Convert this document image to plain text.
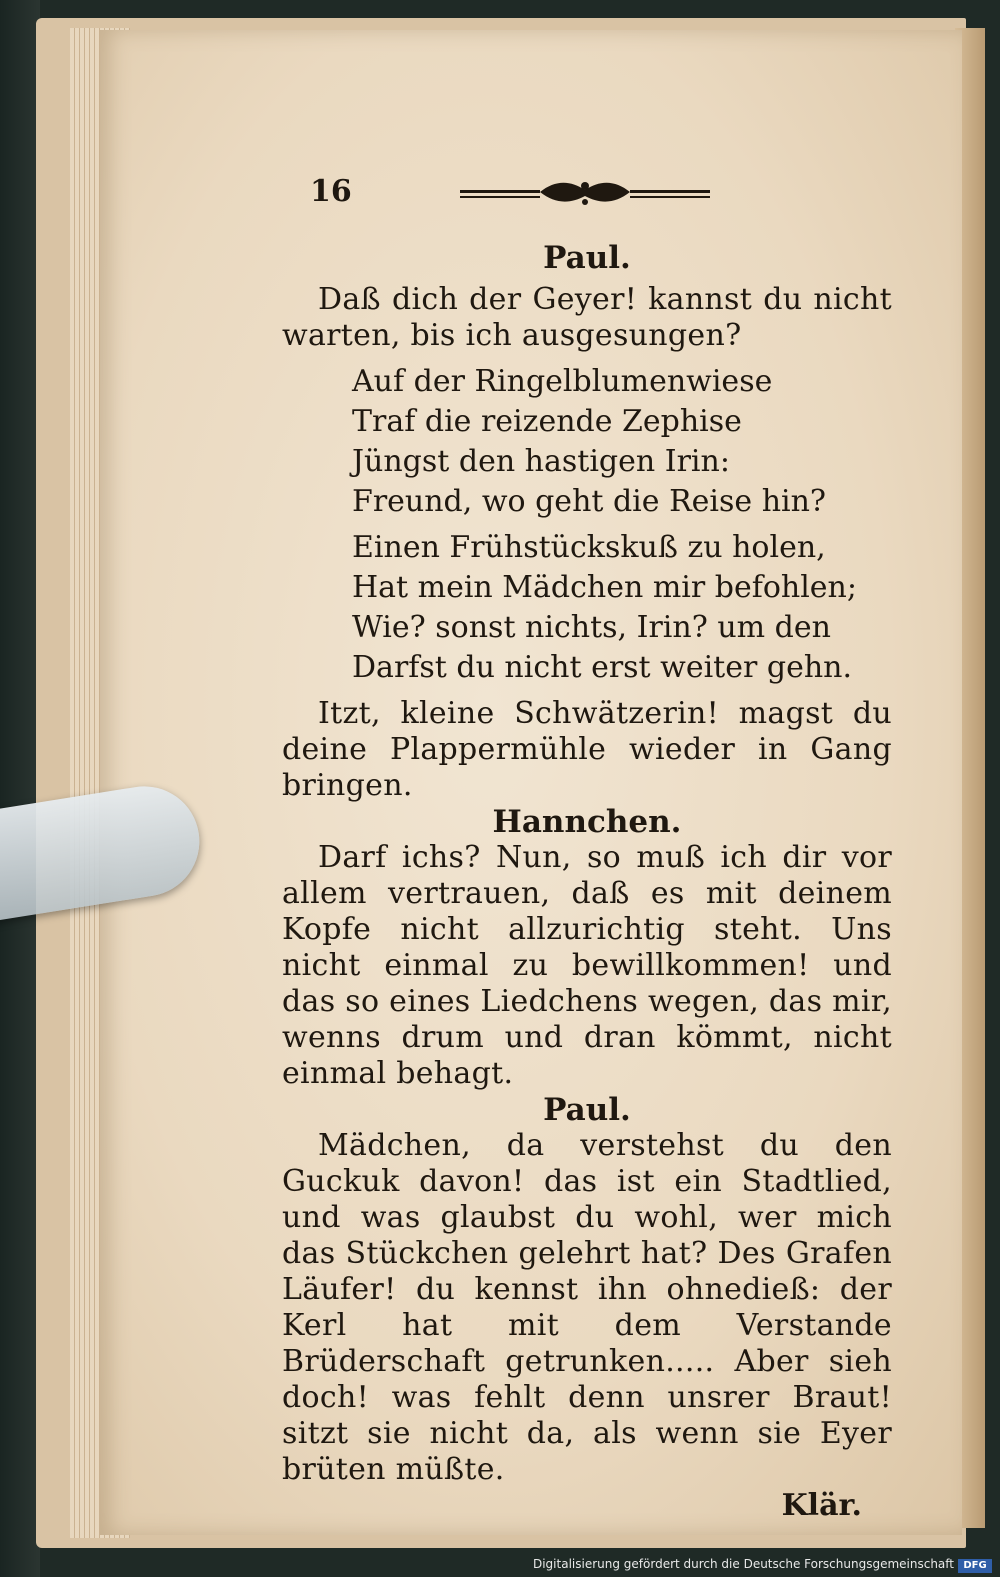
16

Paul.

Daß dich der Geyer! kannst du nicht warten, bis ich ausgesungen?

Auf der Ringelblumenwiese
Traf die reizende Zephise
Jüngst den hastigen Irin:
Freund, wo geht die Reise hin?
Einen Frühstückskuß zu holen,
Hat mein Mädchen mir befohlen;
Wie? sonst nichts, Irin? um den
Darfst du nicht erst weiter gehn.

Itzt, kleine Schwätzerin! magst du deine Plappermühle wieder in Gang bringen.

Hannchen.

Darf ichs? Nun, so muß ich dir vor allem vertrauen, daß es mit deinem Kopfe nicht allzurichtig steht. Uns nicht einmal zu bewillkommen! und das so eines Liedchens wegen, das mir, wenns drum und dran kömmt, nicht einmal behagt.

Paul.

Mädchen, da verstehst du den Guckuk davon! das ist ein Stadtlied, und was glaubst du wohl, wer mich das Stückchen gelehrt hat? Des Grafen Läufer! du kennst ihn ohnedieß: der Kerl hat mit dem Verstande Brüderschaft getrunken..... Aber sieh doch! was fehlt denn unsrer Braut! sitzt sie nicht da, als wenn sie Eyer brüten müßte.

Klär.

Digitalisierung gefördert durch die Deutsche Forschungsgemeinschaft DFG
